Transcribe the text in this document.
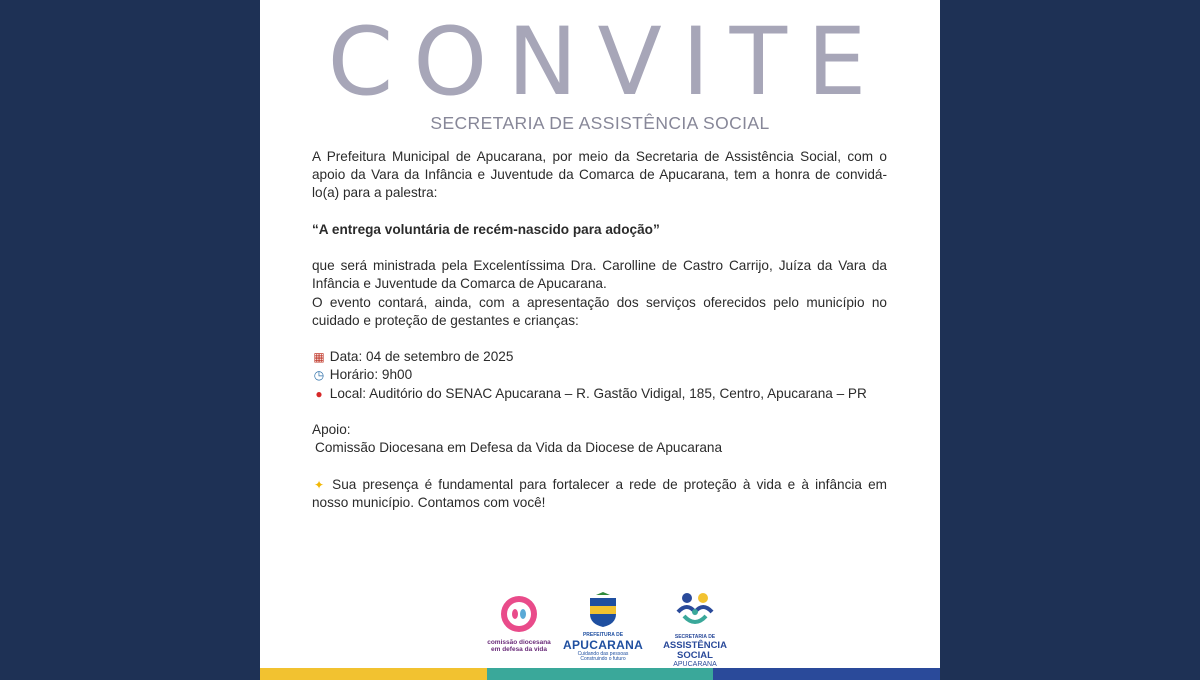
CONVITE
SECRETARIA DE ASSISTÊNCIA SOCIAL

A Prefeitura Municipal de Apucarana, por meio da Secretaria de Assistência Social, com o apoio da Vara da Infância e Juventude da Comarca de Apucarana, tem a honra de convidá-lo(a) para a palestra:

“A entrega voluntária de recém-nascido para adoção”

que será ministrada pela Excelentíssima Dra. Carolline de Castro Carrijo, Juíza da Vara da Infância e Juventude da Comarca de Apucarana.

O evento contará, ainda, com a apresentação dos serviços oferecidos pelo município no cuidado e proteção de gestantes e crianças:

▦ Data: 04 de setembro de 2025

◷ Horário: 9h00

● Local: Auditório do SENAC Apucarana – R. Gastão Vidigal, 185, Centro, Apucarana – PR

Apoio:

Comissão Diocesana em Defesa da Vida da Diocese de Apucarana

✦ Sua presença é fundamental para fortalecer a rede de proteção à vida e à infância em nosso município. Contamos com você!

comissão diocesana
em defesa da vida
PREFEITURA DE
APUCARANA
Cuidando das pessoas
Construindo o futuro
SECRETARIA DE
ASSISTÊNCIA SOCIAL
APUCARANA
